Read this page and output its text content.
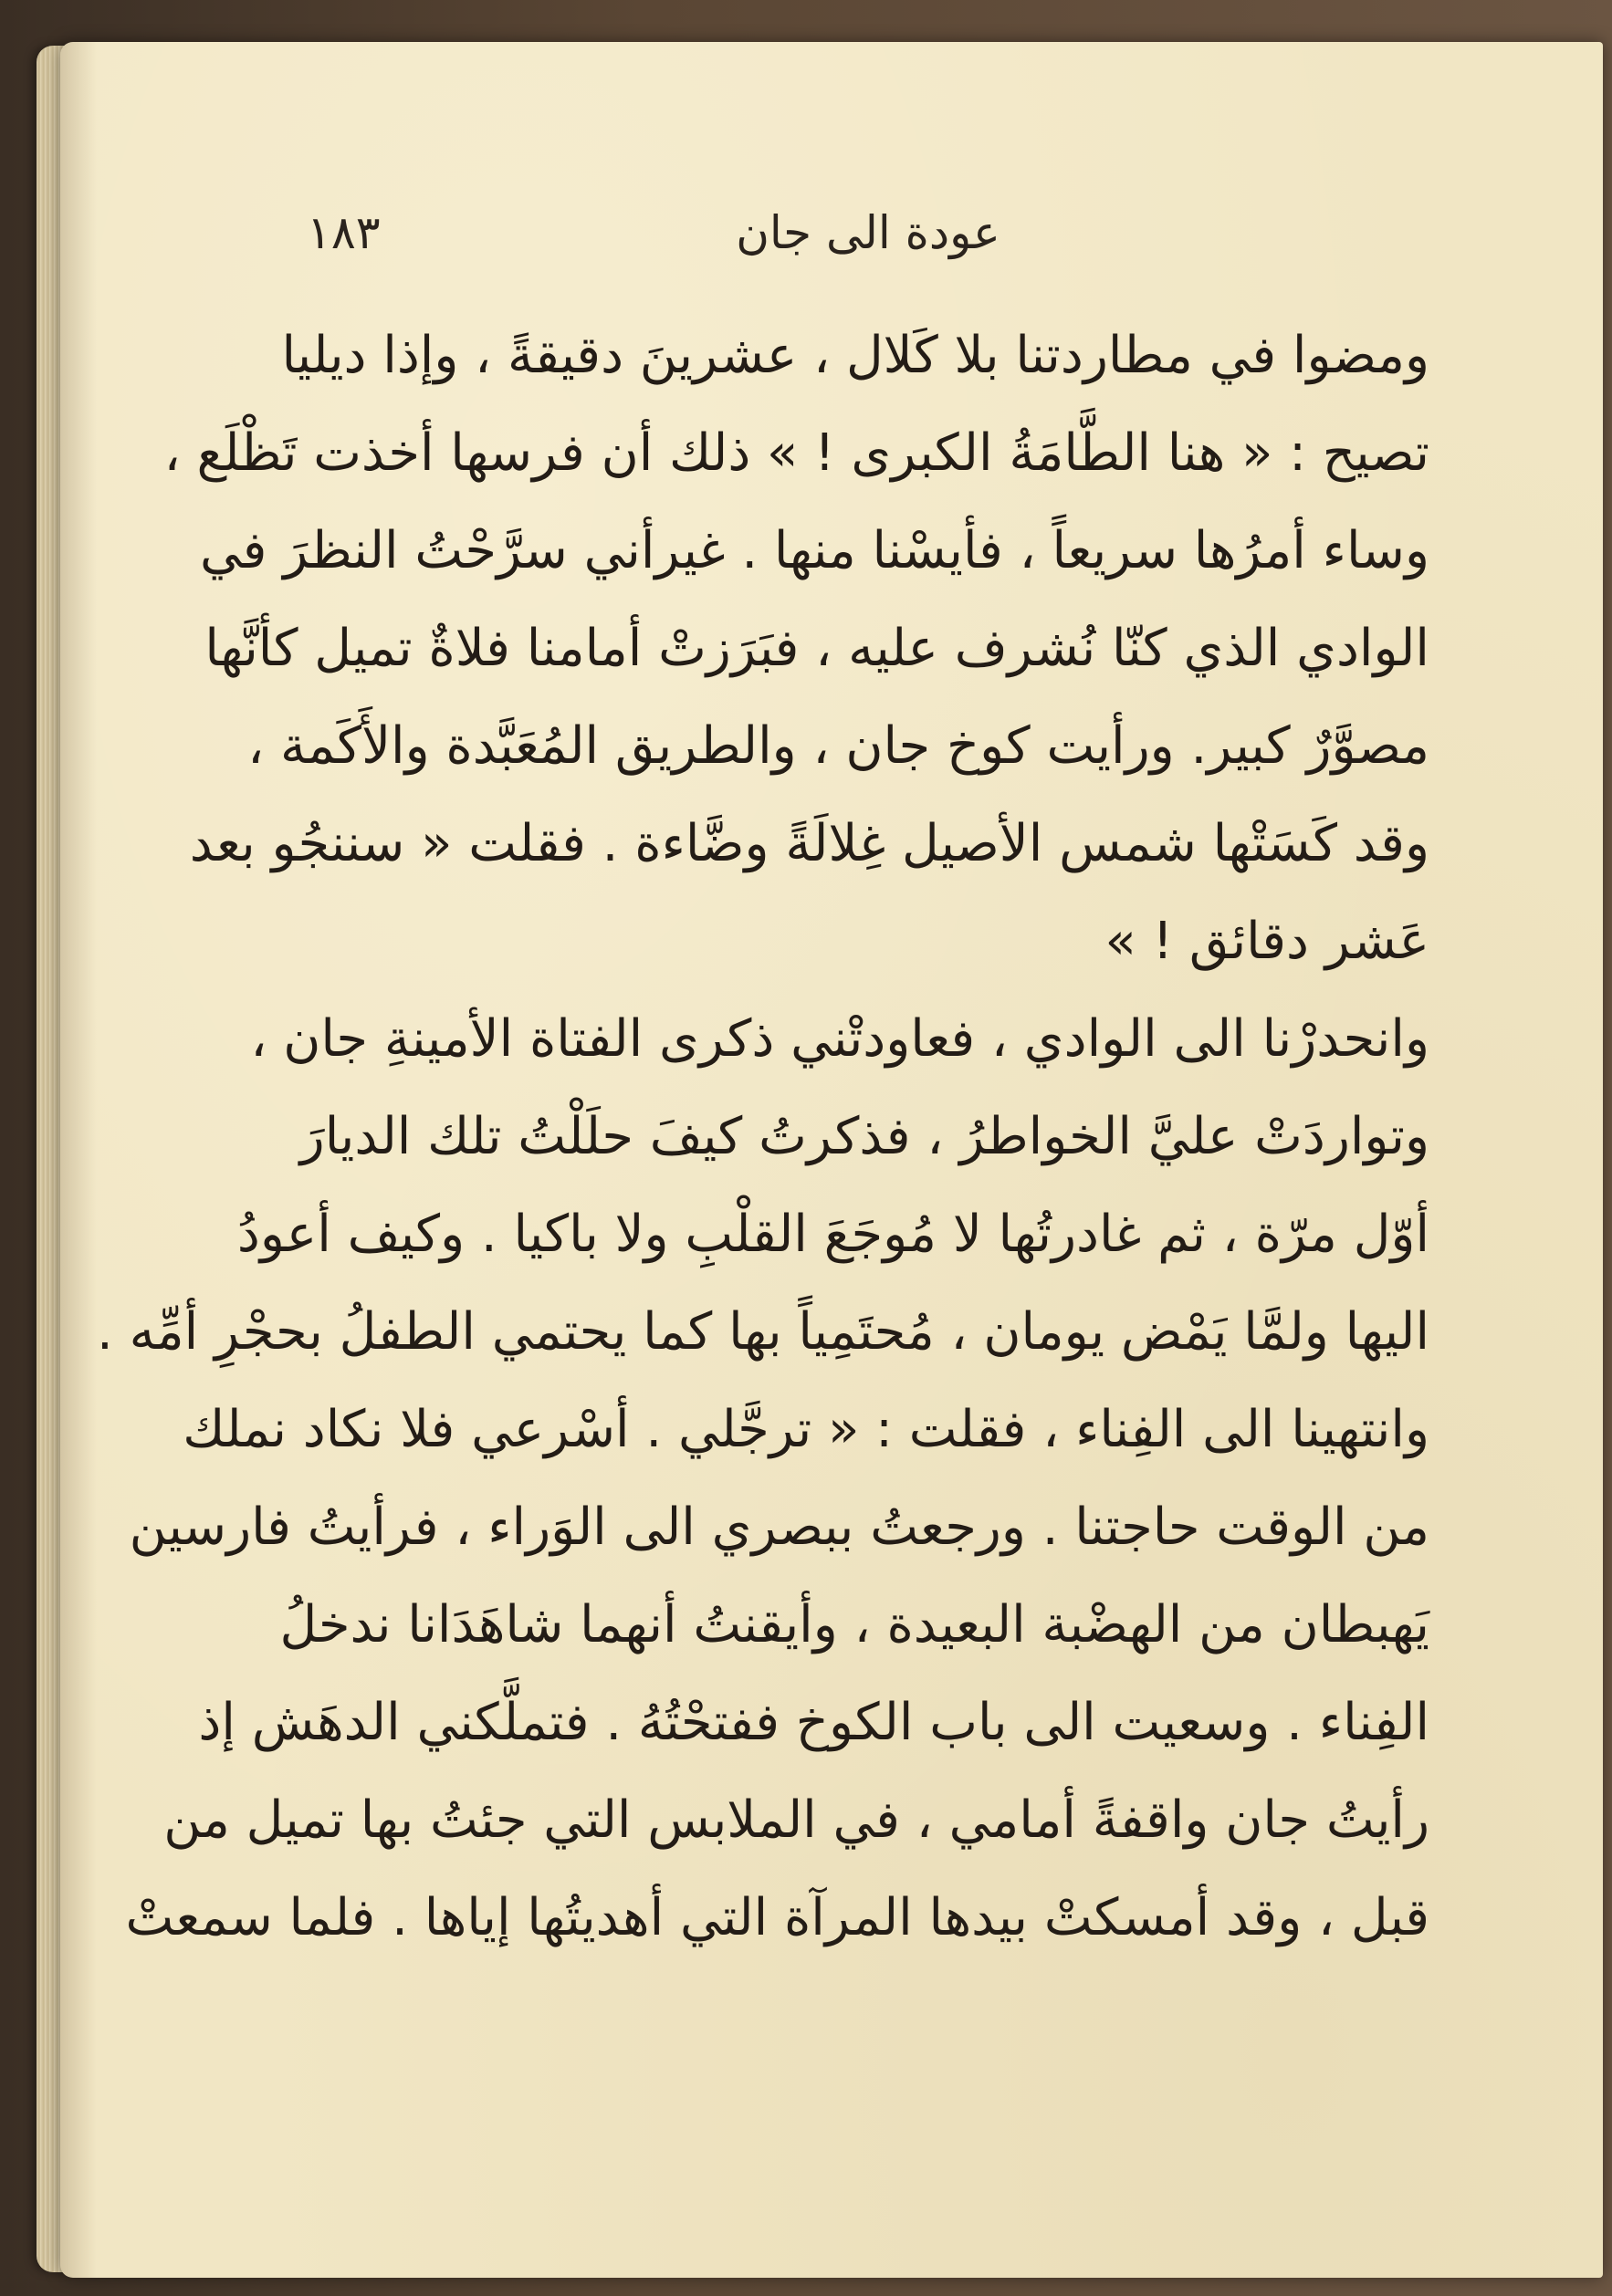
عودة الى جان
١٨٣
ومضوا في مطاردتنا بلا كَلال ، عشرينَ دقيقةً ، وإذا ديليا
تصيح : « هنا الطَّامَةُ الكبرى ! » ذلك أن فرسها أخذت تَظْلَع ،
وساء أمرُها سريعاً ، فأيسْنا منها . غيرأني سرَّحْتُ النظرَ في
الوادي الذي كنّا نُشرف عليه ، فبَرَزتْ أمامنا فلاةٌ تميل كأنَّها
مصوَّرٌ كبير. ورأيت كوخ جان ، والطريق المُعَبَّدة والأَكَمة ،
وقد كَسَتْها شمس الأصيل غِلالَةً وضَّاءة . فقلت « سننجُو بعد
عَشر دقائق ! »
وانحدرْنا الى الوادي ، فعاودتْني ذكرى الفتاة الأمينةِ جان ،
وتواردَتْ عليَّ الخواطرُ ، فذكرتُ كيفَ حلَلْتُ تلك الديارَ
أوّل مرّة ، ثم غادرتُها لا مُوجَعَ القلْبِ ولا باكيا . وكيف أعودُ
اليها ولمَّا يَمْض يومان ، مُحتَمِياً بها كما يحتمي الطفلُ بحجْرِ أمِّه .
وانتهينا الى الفِناء ، فقلت : « ترجَّلي . أسْرعي فلا نكاد نملك
من الوقت حاجتنا . ورجعتُ ببصري الى الوَراء ، فرأيتُ فارسين
يَهبطان من الهضْبة البعيدة ، وأيقنتُ أنهما شاهَدَانا ندخلُ
الفِناء . وسعيت الى باب الكوخ ففتحْتُهُ . فتملَّكني الدهَش إذ
رأيتُ جان واقفةً أمامي ، في الملابس التي جئتُ بها تميل من
قبل ، وقد أمسكتْ بيدها المرآة التي أهديتُها إياها . فلما سمعتْ
